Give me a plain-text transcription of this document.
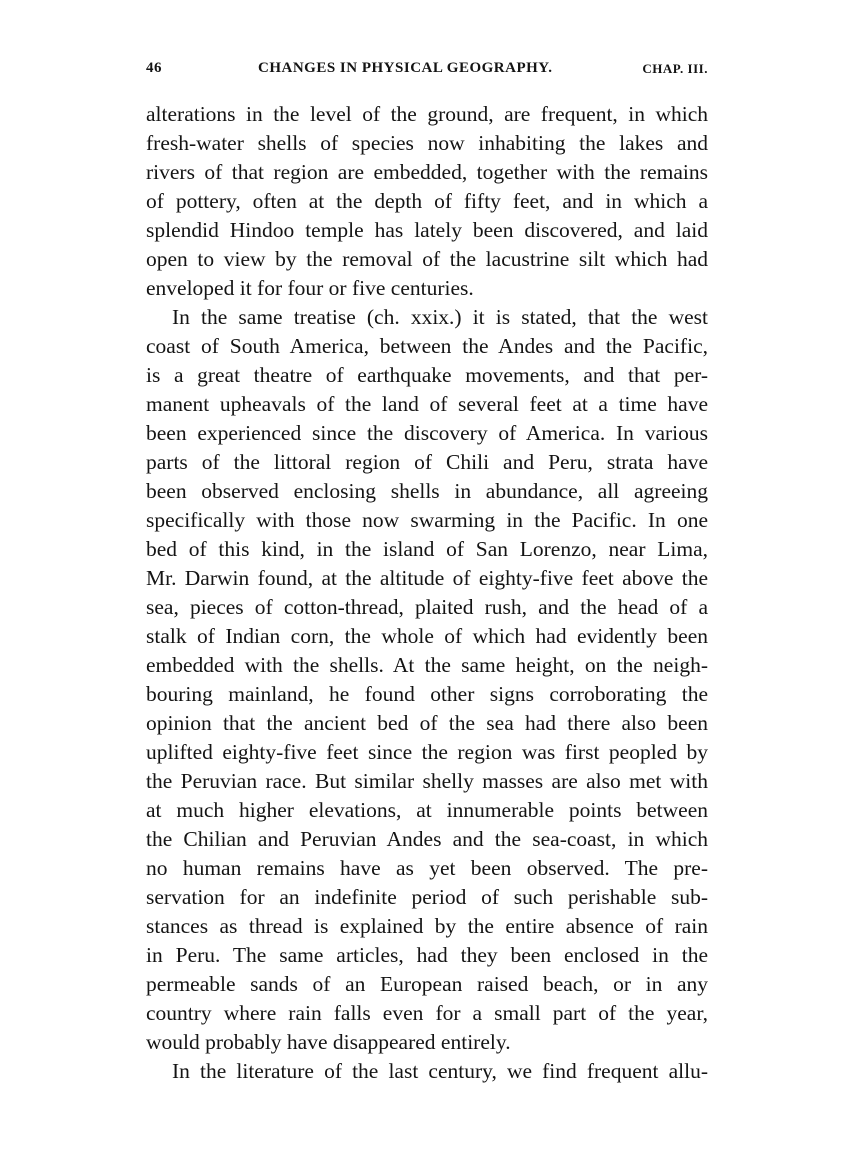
46	CHANGES IN PHYSICAL GEOGRAPHY.	CHAP. III.
alterations in the level of the ground, are frequent, in which
fresh-water shells of species now inhabiting the lakes and
rivers of that region are embedded, together with the remains
of pottery, often at the depth of fifty feet, and in which a
splendid Hindoo temple has lately been discovered, and laid
open to view by the removal of the lacustrine silt which had
enveloped it for four or five centuries.
In the same treatise (ch. xxix.) it is stated, that the west
coast of South America, between the Andes and the Pacific,
is a great theatre of earthquake movements, and that per-
manent upheavals of the land of several feet at a time have
been experienced since the discovery of America. In various
parts of the littoral region of Chili and Peru, strata have
been observed enclosing shells in abundance, all agreeing
specifically with those now swarming in the Pacific. In one
bed of this kind, in the island of San Lorenzo, near Lima,
Mr. Darwin found, at the altitude of eighty-five feet above the
sea, pieces of cotton-thread, plaited rush, and the head of a
stalk of Indian corn, the whole of which had evidently been
embedded with the shells. At the same height, on the neigh-
bouring mainland, he found other signs corroborating the
opinion that the ancient bed of the sea had there also been
uplifted eighty-five feet since the region was first peopled by
the Peruvian race. But similar shelly masses are also met with
at much higher elevations, at innumerable points between
the Chilian and Peruvian Andes and the sea-coast, in which
no human remains have as yet been observed. The pre-
servation for an indefinite period of such perishable sub-
stances as thread is explained by the entire absence of rain
in Peru. The same articles, had they been enclosed in the
permeable sands of an European raised beach, or in any
country where rain falls even for a small part of the year,
would probably have disappeared entirely.
In the literature of the last century, we find frequent allu-
